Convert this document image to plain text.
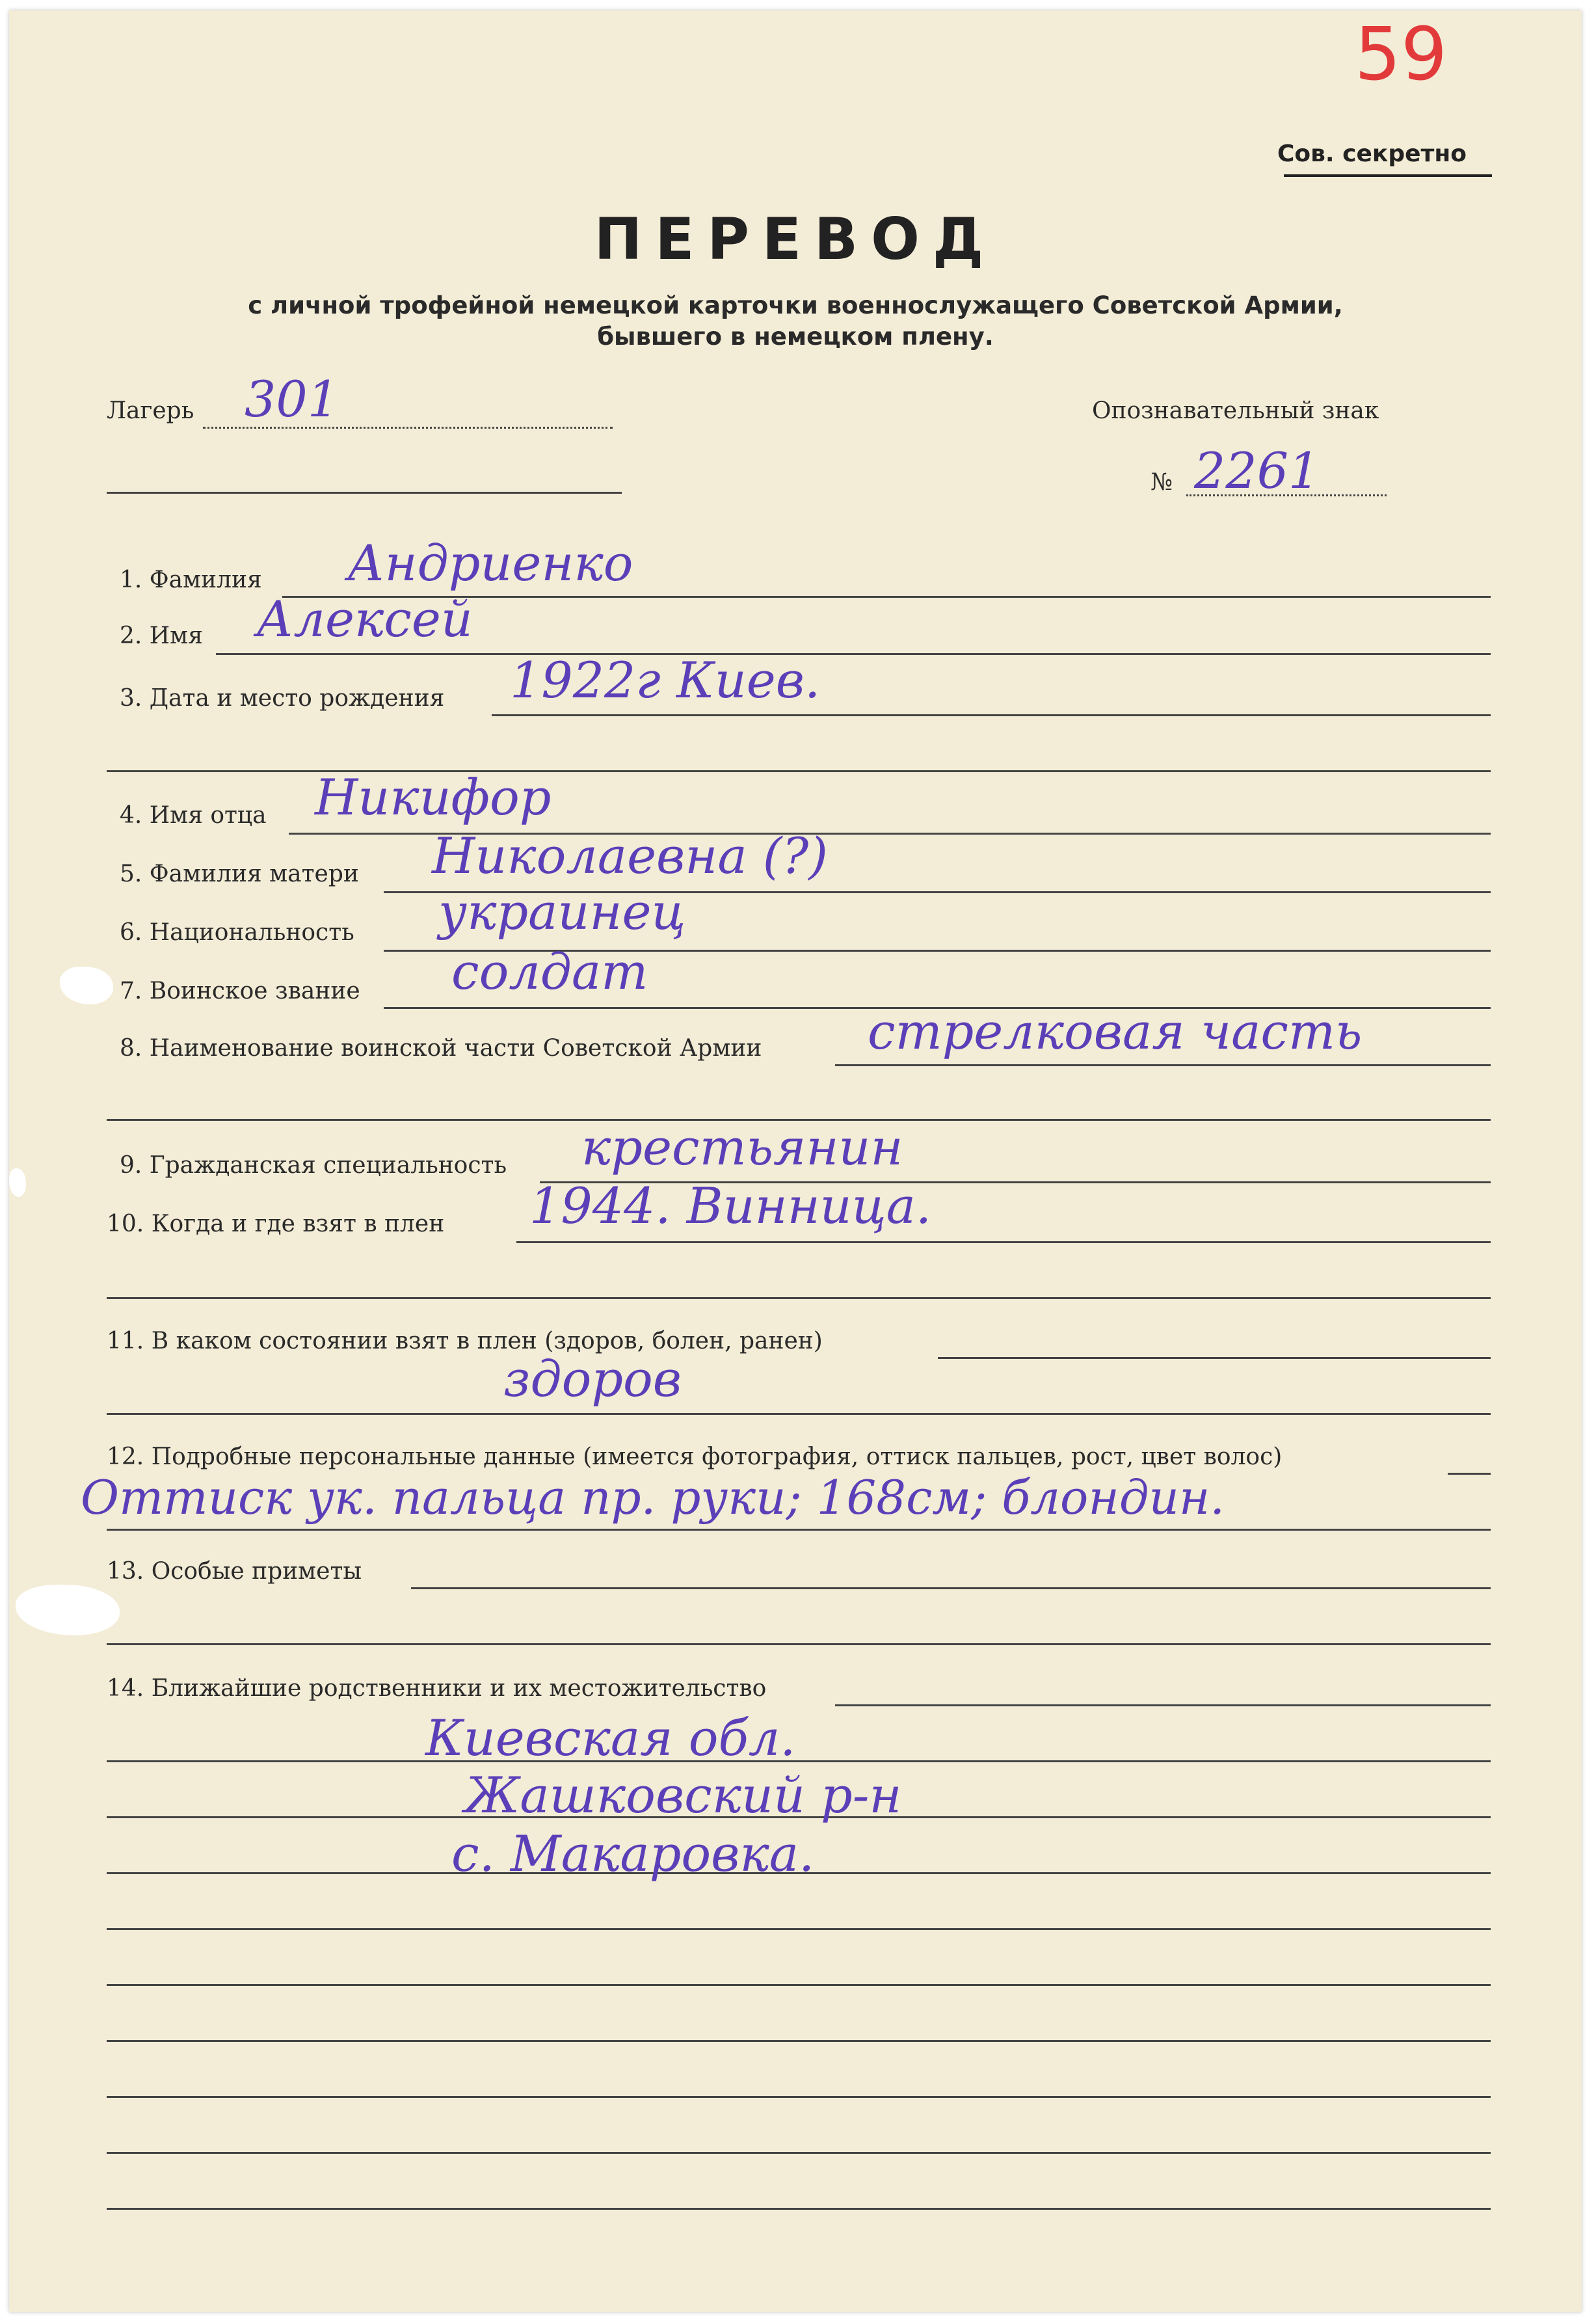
59
Сов. секретно
ПЕРЕВОД
с личной трофейной немецкой карточки военнослужащего Советской Армии,
бывшего в немецком плену.
Лагерь 301	Опознавательный знак
№ 2261
1. Фамилия Андриенко
2. Имя Алексей
3. Дата и место рождения 1922г Киев.
4. Имя отца Никифор
5. Фамилия матери Николаевна (?)
6. Национальность украинец
7. Воинское звание солдат
8. Наименование воинской части Советской Армии стрелковая часть
9. Гражданская специальность крестьянин
10. Когда и где взят в плен 1944. Винница.
11. В каком состоянии взят в плен (здоров, болен, ранен)
здоров
12. Подробные персональные данные (имеется фотография, оттиск пальцев, рост, цвет волос)
Оттиск ук. пальца пр. руки; 168см; блондин.
13. Особые приметы
14. Ближайшие родственники и их местожительство
Киевская обл.
Жашковский р-н
с. Макаровка.
